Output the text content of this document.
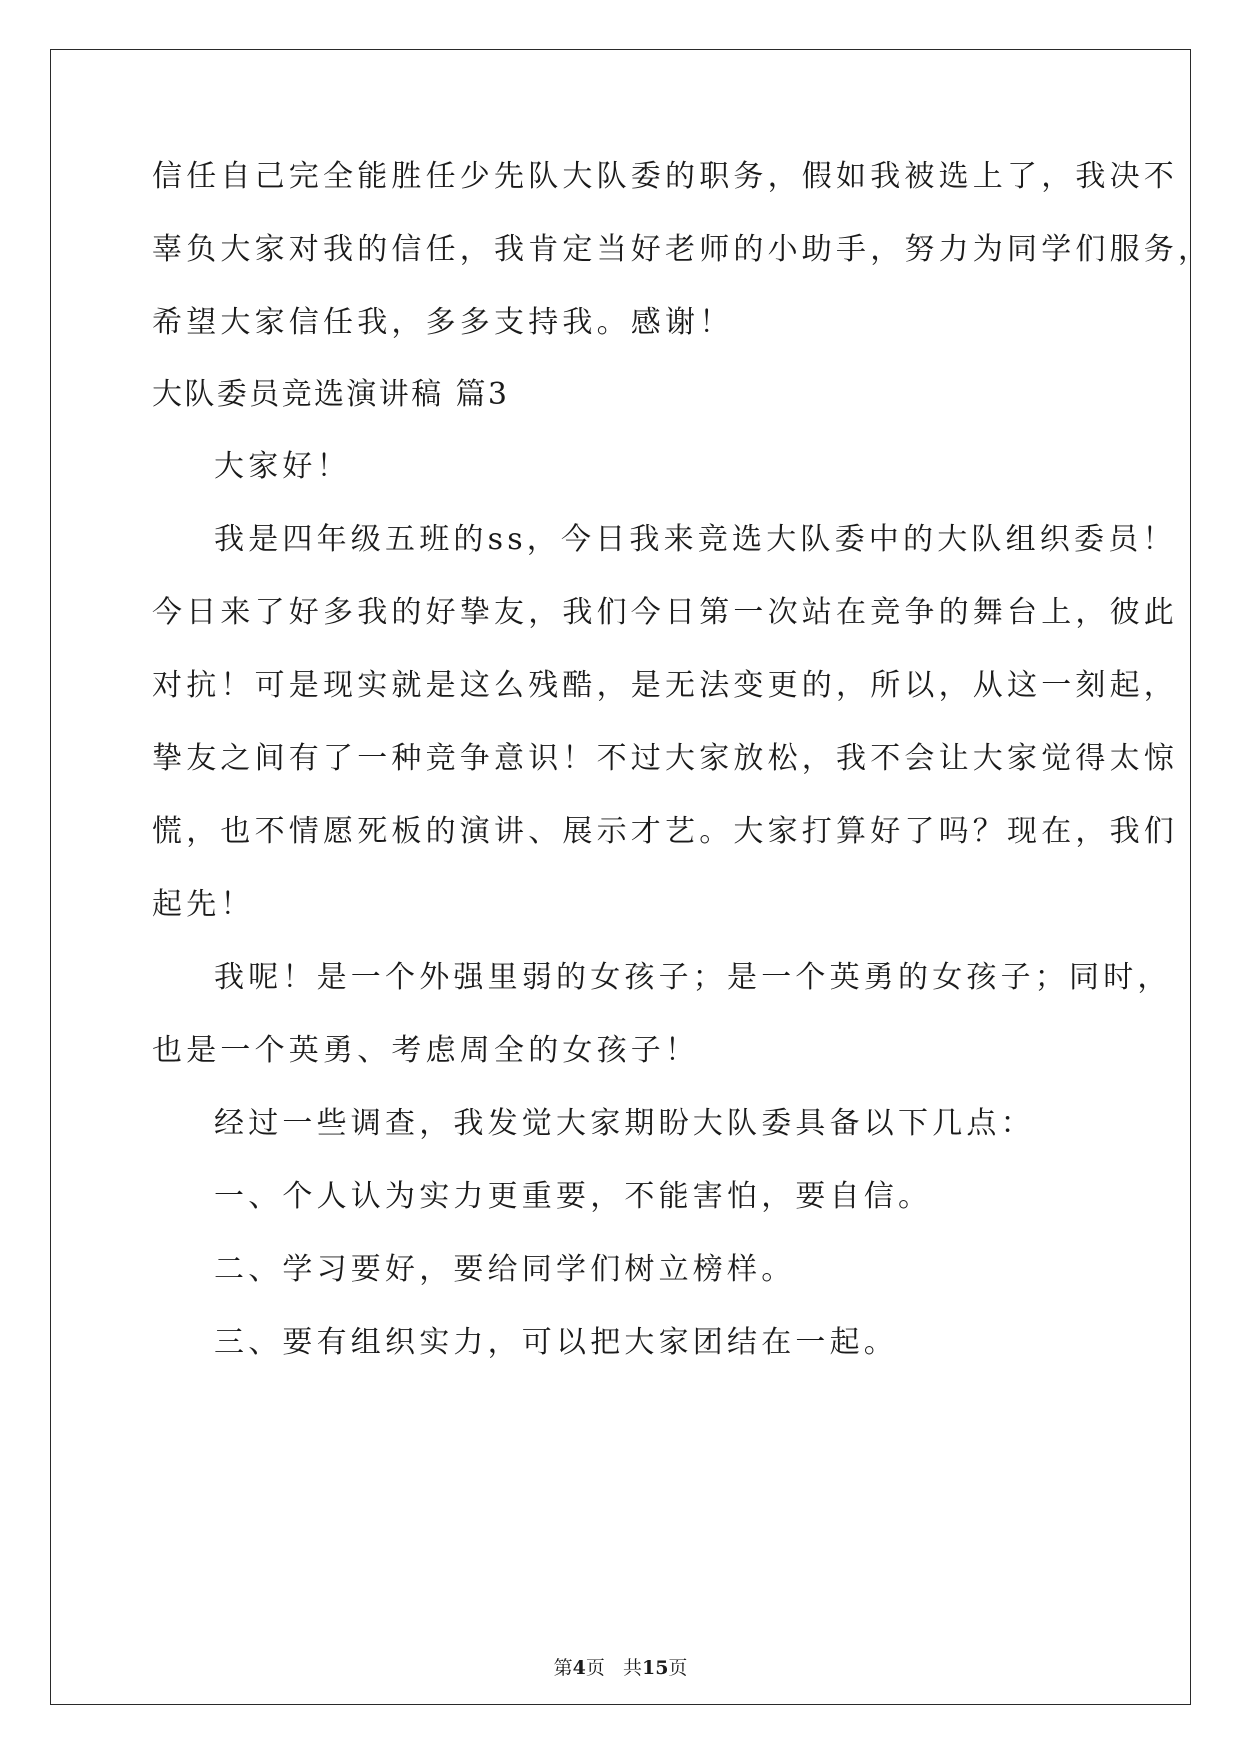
信任自己完全能胜任少先队大队委的职务，假如我被选上了，我决不
辜负大家对我的信任，我肯定当好老师的小助手，努力为同学们服务，
希望大家信任我，多多支持我。感谢！
大队委员竞选演讲稿 篇3
大家好！
我是四年级五班的ss，今日我来竞选大队委中的大队组织委员！
今日来了好多我的好挚友，我们今日第一次站在竞争的舞台上，彼此
对抗！可是现实就是这么残酷，是无法变更的，所以，从这一刻起，
挚友之间有了一种竞争意识！不过大家放松，我不会让大家觉得太惊
慌，也不情愿死板的演讲、展示才艺。大家打算好了吗？现在，我们
起先！
我呢！是一个外强里弱的女孩子；是一个英勇的女孩子；同时，
也是一个英勇、考虑周全的女孩子！
经过一些调查，我发觉大家期盼大队委具备以下几点：
一、个人认为实力更重要，不能害怕，要自信。
二、学习要好，要给同学们树立榜样。
三、要有组织实力，可以把大家团结在一起。
第4页 共15页
